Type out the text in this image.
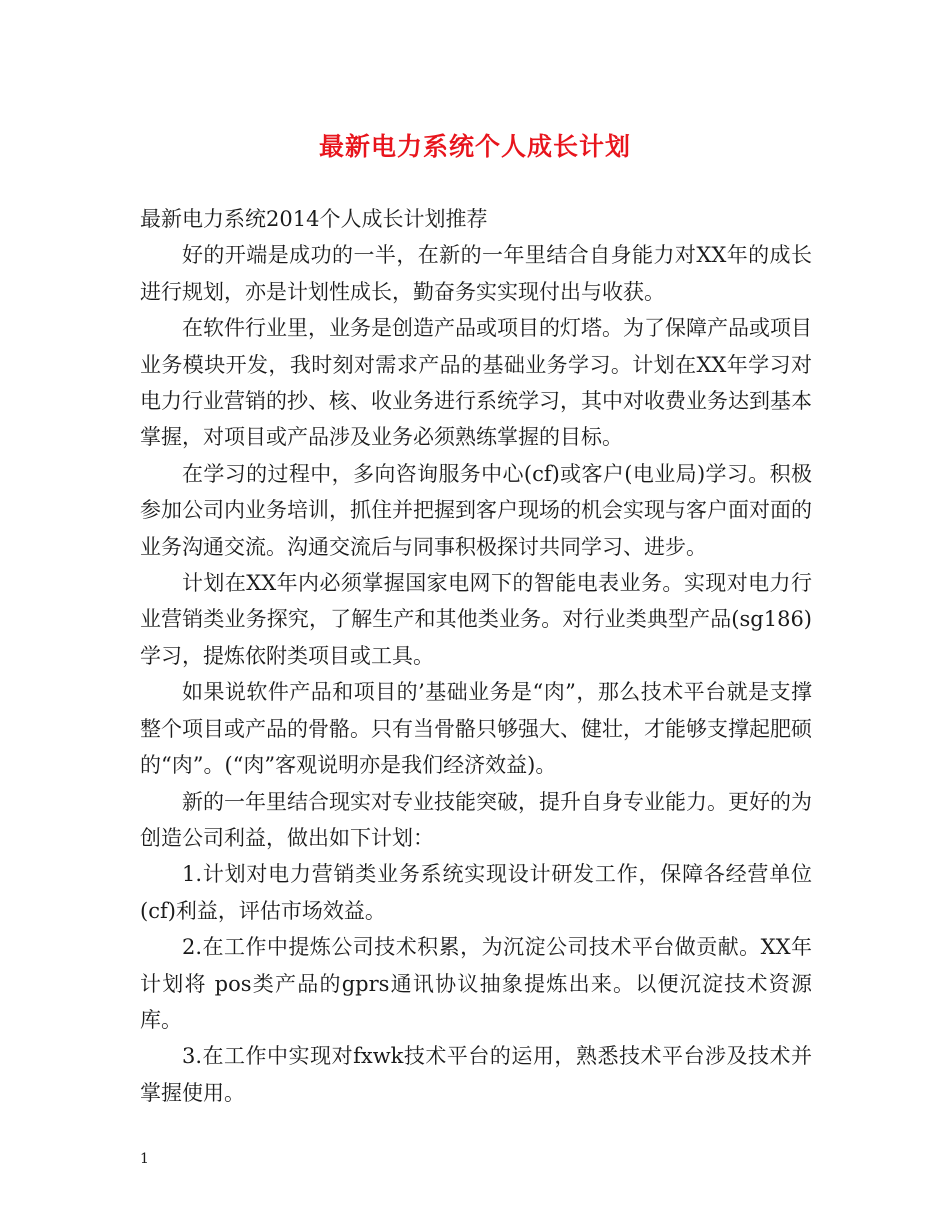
最新电力系统个人成长计划

最新电力系统2014个人成长计划推荐

好的开端是成功的一半，在新的一年里结合自身能力对XX年的成长进行规划，亦是计划性成长，勤奋务实实现付出与收获。

在软件行业里，业务是创造产品或项目的灯塔。为了保障产品或项目业务模块开发，我时刻对需求产品的基础业务学习。计划在XX年学习对电力行业营销的抄、核、收业务进行系统学习，其中对收费业务达到基本掌握，对项目或产品涉及业务必须熟练掌握的目标。

在学习的过程中，多向咨询服务中心(cf)或客户(电业局)学习。积极参加公司内业务培训，抓住并把握到客户现场的机会实现与客户面对面的业务沟通交流。沟通交流后与同事积极探讨共同学习、进步。

计划在XX年内必须掌握国家电网下的智能电表业务。实现对电力行业营销类业务探究，了解生产和其他类业务。对行业类典型产品(sg186)学习，提炼依附类项目或工具。

如果说软件产品和项目的’基础业务是“肉”，那么技术平台就是支撑整个项目或产品的骨骼。只有当骨骼只够强大、健壮，才能够支撑起肥硕的“肉”。(“肉”客观说明亦是我们经济效益)。

新的一年里结合现实对专业技能突破，提升自身专业能力。更好的为创造公司利益，做出如下计划：

1.计划对电力营销类业务系统实现设计研发工作，保障各经营单位(cf)利益，评估市场效益。

2.在工作中提炼公司技术积累，为沉淀公司技术平台做贡献。XX年计划将 pos类产品的gprs通讯协议抽象提炼出来。以便沉淀技术资源库。

3.在工作中实现对fxwk技术平台的运用，熟悉技术平台涉及技术并掌握使用。

1
